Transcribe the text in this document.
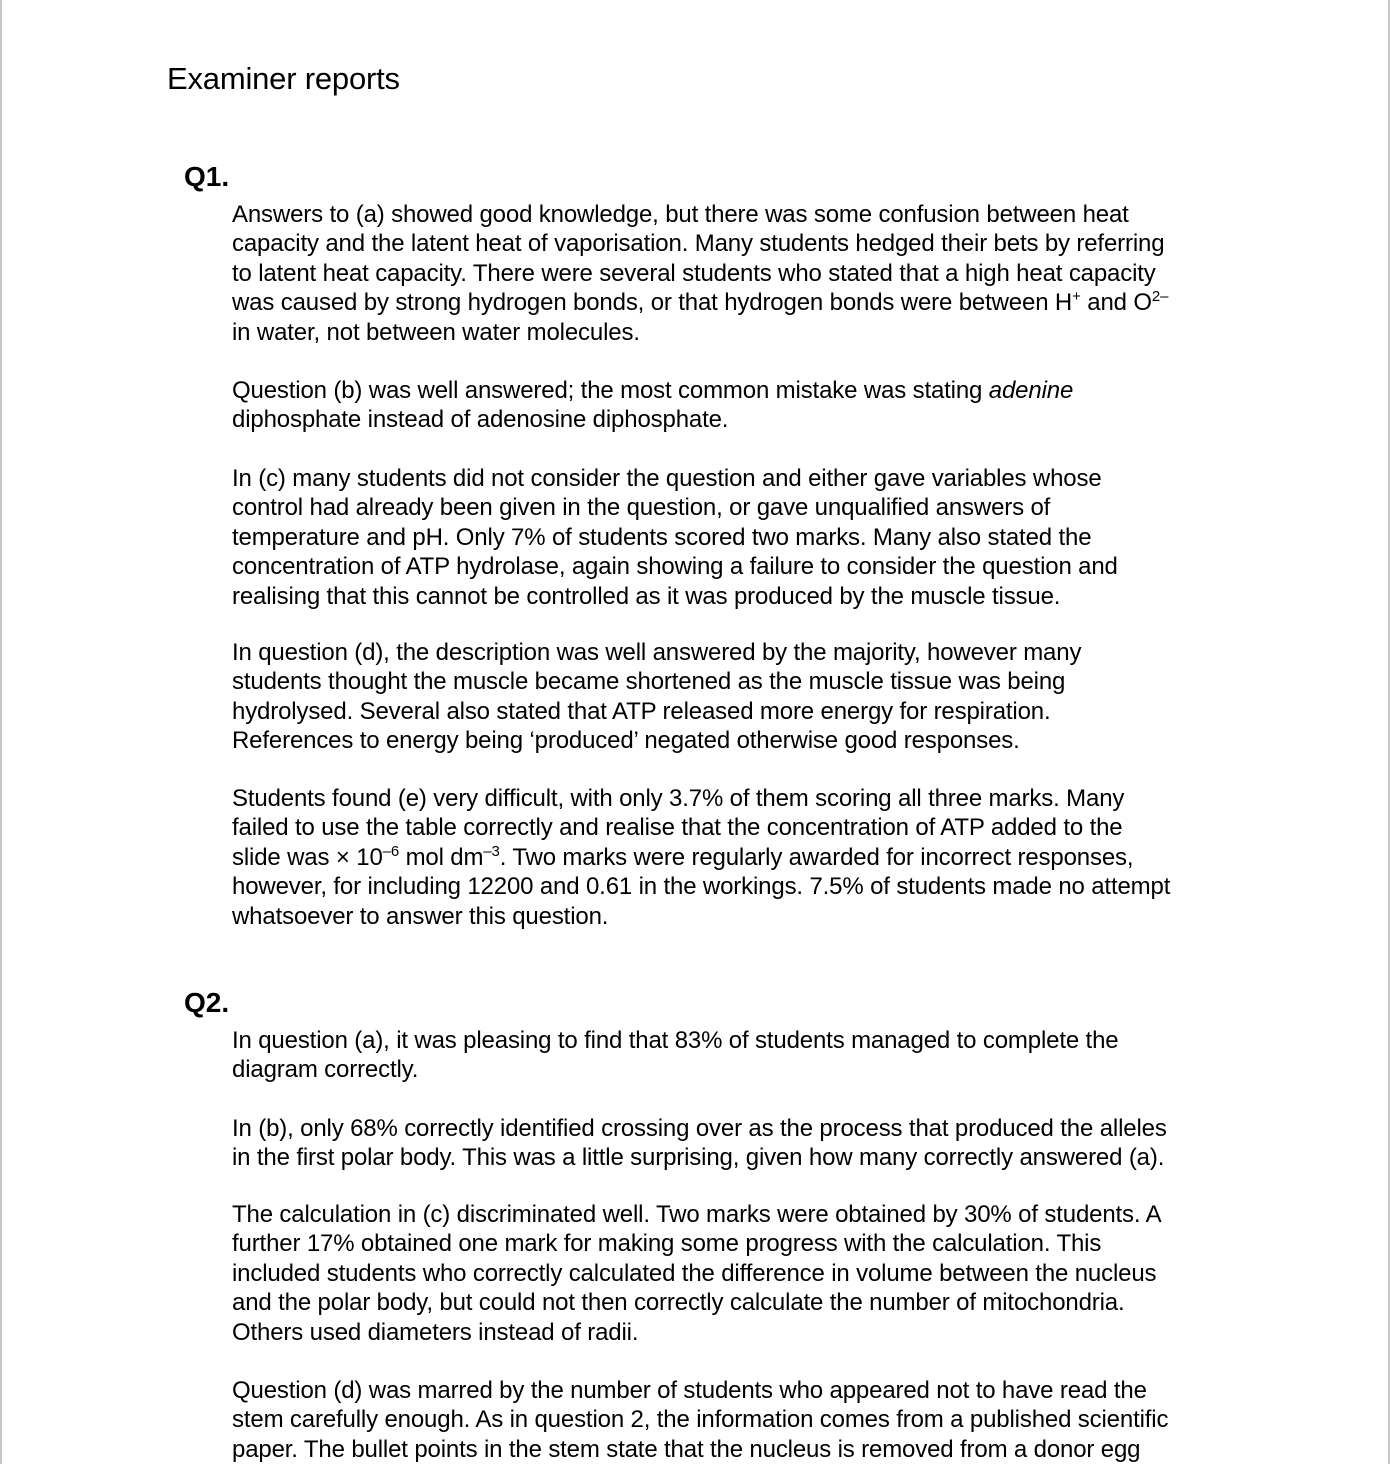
Examiner reports
Q1.
Answers to (a) showed good knowledge, but there was some confusion between heat
capacity and the latent heat of vaporisation. Many students hedged their bets by referring
to latent heat capacity. There were several students who stated that a high heat capacity
was caused by strong hydrogen bonds, or that hydrogen bonds were between H+ and $O^{2-}$
in water, not between water molecules.
Question (b) was well answered; the most common mistake was stating adenine
diphosphate instead of adenosine diphosphate.
In (c) many students did not consider the question and either gave variables whose
control had already been given in the question, or gave unqualified answers of
temperature and pH. Only 7% of students scored two marks. Many also stated the
concentration of ATP hydrolase, again showing a failure to consider the question and
realising that this cannot be controlled as it was produced by the muscle tissue.
In question (d), the description was well answered by the majority, however many
students thought the muscle became shortened as the muscle tissue was being
hydrolysed. Several also stated that ATP released more energy for respiration.
References to energy being ‘produced’ negated otherwise good responses.
Students found (e) very difficult, with only 3.7% of them scoring all three marks. Many
failed to use the table correctly and realise that the concentration of ATP added to the
slide was × $10^{-6}$ mol $dm^{-3}$. Two marks were regularly awarded for incorrect responses,
however, for including 12200 and 0.61 in the workings. 7.5% of students made no attempt
whatsoever to answer this question.
Q2.
In question (a), it was pleasing to find that 83% of students managed to complete the
diagram correctly.
In (b), only 68% correctly identified crossing over as the process that produced the alleles
in the first polar body. This was a little surprising, given how many correctly answered (a).
The calculation in (c) discriminated well. Two marks were obtained by 30% of students. A
further 17% obtained one mark for making some progress with the calculation. This
included students who correctly calculated the difference in volume between the nucleus
and the polar body, but could not then correctly calculate the number of mitochondria.
Others used diameters instead of radii.
Question (d) was marred by the number of students who appeared not to have read the
stem carefully enough. As in question 2, the information comes from a published scientific
paper. The bullet points in the stem state that the nucleus is removed from a donor egg
